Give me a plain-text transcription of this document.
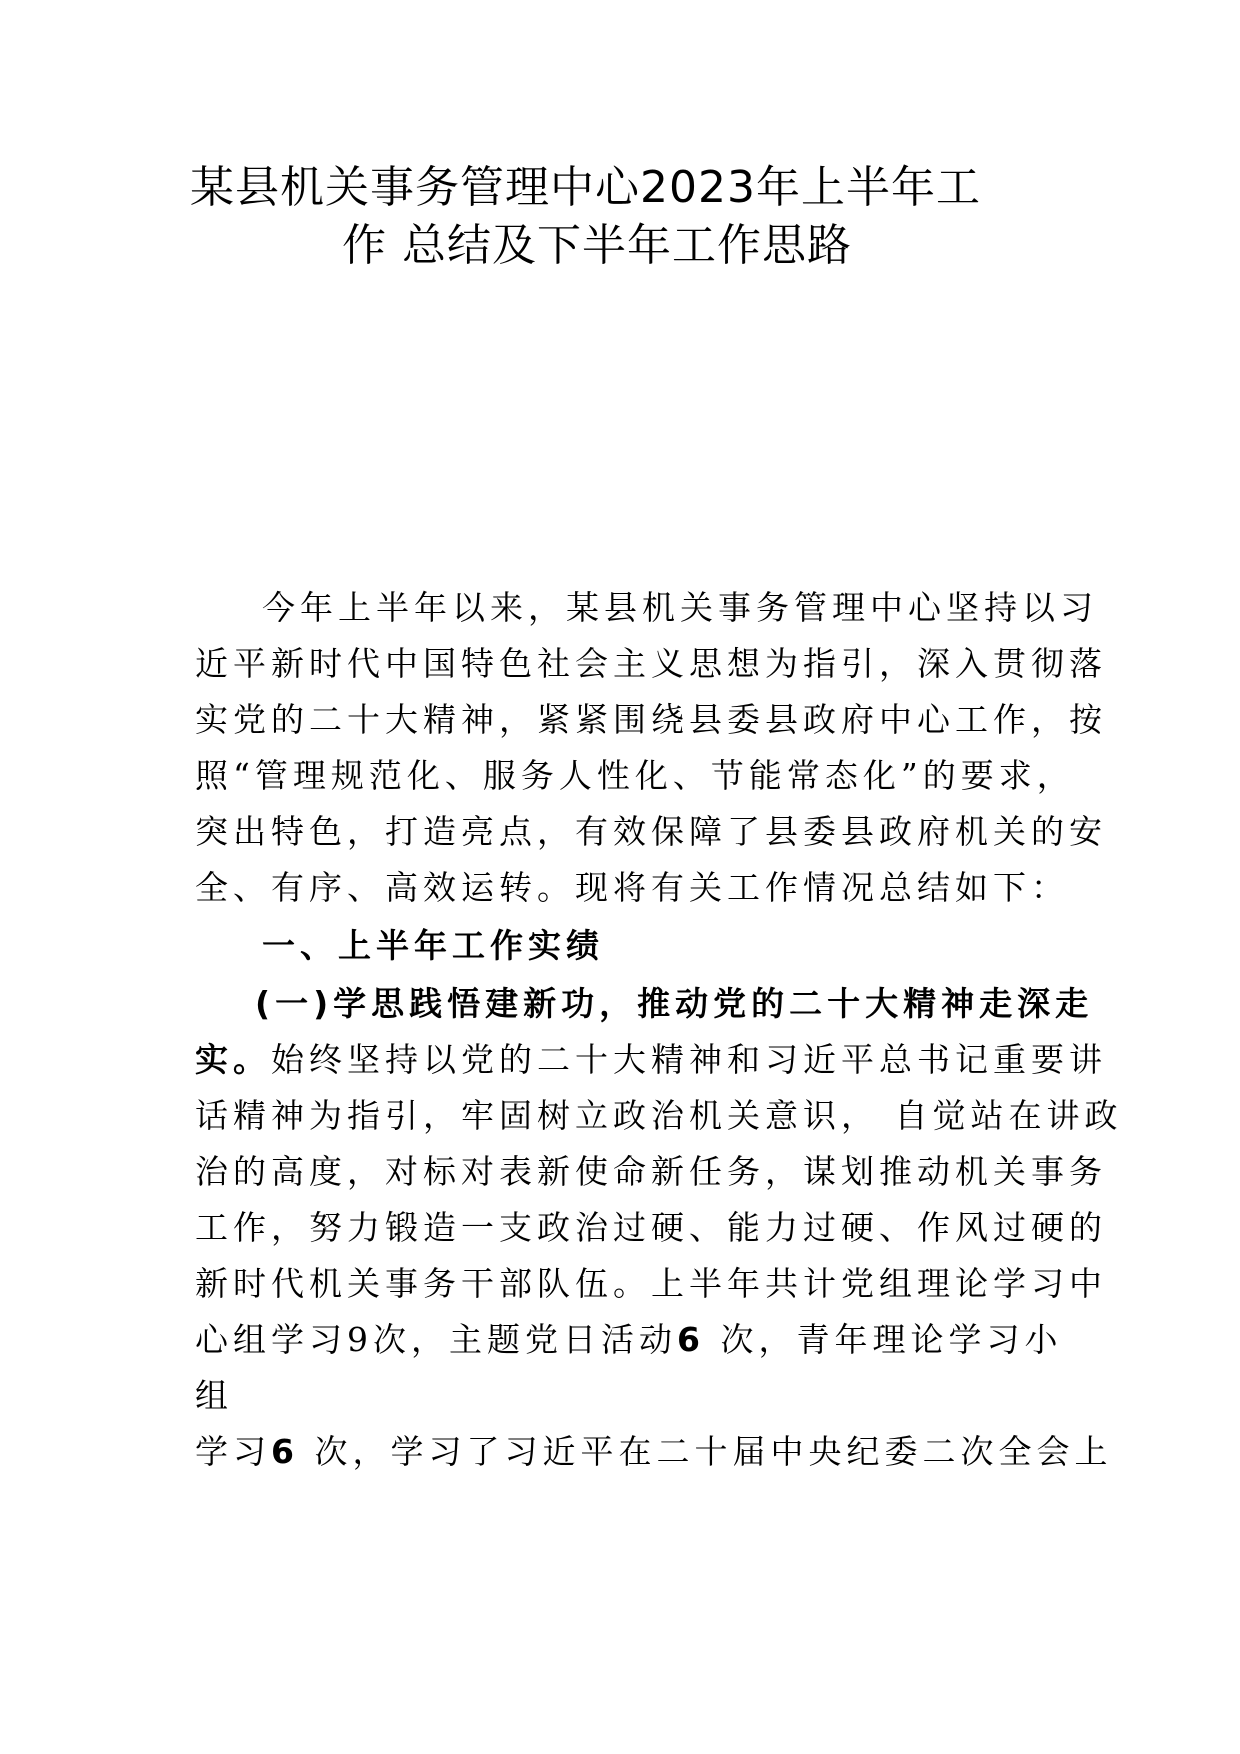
某县机关事务管理中心2023年上半年工
作 总结及下半年工作思路
今年上半年以来，某县机关事务管理中心坚持以习
近平新时代中国特色社会主义思想为指引，深入贯彻落
实党的二十大精神，紧紧围绕县委县政府中心工作，按
照“管理规范化、服务人性化、节能常态化”的要求，
突出特色，打造亮点，有效保障了县委县政府机关的安
全、有序、高效运转。现将有关工作情况总结如下：
一、上半年工作实绩
(一)学思践悟建新功，推动党的二十大精神走深走
实。始终坚持以党的二十大精神和习近平总书记重要讲
话精神为指引，牢固树立政治机关意识， 自觉站在讲政
治的高度，对标对表新使命新任务，谋划推动机关事务
工作，努力锻造一支政治过硬、能力过硬、作风过硬的
新时代机关事务干部队伍。上半年共计党组理论学习中
心组学习9次，主题党日活动6 次，青年理论学习小
组
学习6 次，学习了习近平在二十届中央纪委二次全会上
